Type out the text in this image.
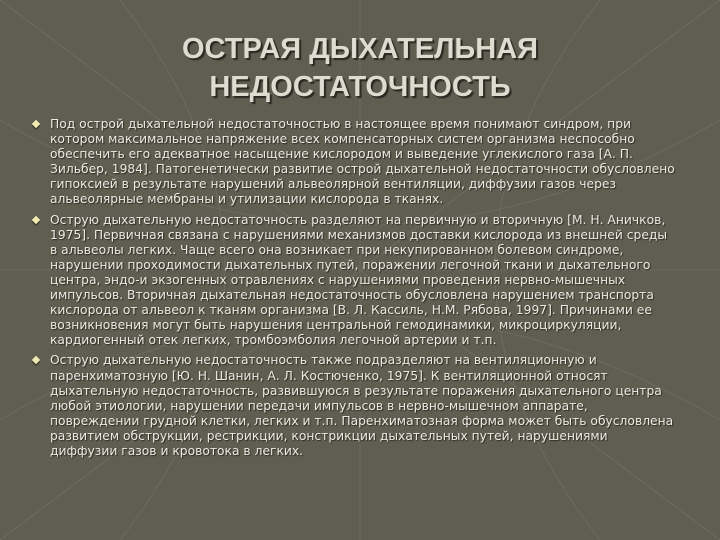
ОСТРАЯ ДЫХАТЕЛЬНАЯ
НЕДОСТАТОЧНОСТЬ
Под острой дыхательной недостаточностью в настоящее время понимают синдром, при котором максимальное напряжение всех компенсаторных систем организма неспособно обеспечить его адекватное насыщение кислородом и выведение углекислого газа [А. П. Зильбер, 1984]. Патогенетически развитие острой дыхательной недостаточности обусловлено гипоксией в результате нарушений альвеолярной вентиляции, диффузии газов через альвеолярные мембраны и утилизации кислорода в тканях.
Острую дыхательную недостаточность разделяют на первичную и вторичную [М. Н. Аничков, 1975]. Первичная связана с нарушениями механизмов доставки кислорода из внешней среды в альвеолы легких. Чаще всего она возникает при некупированном болевом синдроме, нарушении проходимости дыхательных путей, поражении легочной ткани и дыхательного центра, эндо-и экзогенных отравлениях с нарушениями проведения нервно-мышечных импульсов. Вторичная дыхательная недостаточность обусловлена нарушением транспорта кислорода от альвеол к тканям организма [В. Л. Кассиль, Н.М. Рябова, 1997]. Причинами ее возникновения могут быть нарушения центральной гемодинамики, микроциркуляции, кардиогенный отек легких, тромбоэмболия легочной артерии и т.п.
Острую дыхательную недостаточность также подразделяют на вентиляционную и паренхиматозную [Ю. Н. Шанин, А. Л. Костюченко, 1975]. К вентиляционной относят дыхательную недостаточность, развившуюся в результате поражения дыхательного центра любой этиологии, нарушении передачи импульсов в нервно-мышечном аппарате, повреждении грудной клетки, легких и т.п. Паренхиматозная форма может быть обусловлена развитием обструкции, рестрикции, констрикции дыхательных путей, нарушениями диффузии газов и кровотока в легких.
